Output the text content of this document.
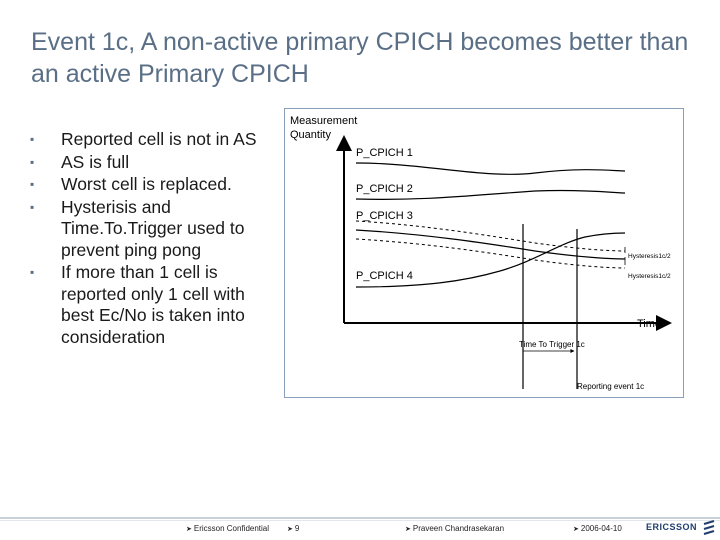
Event 1c, A non-active primary CPICH becomes better than an active Primary CPICH
▪ Reported cell is not in AS
▪ AS is full
▪ Worst cell is replaced.
▪ Hysterisis and Time.To.Trigger used to prevent ping pong
▪ If more than 1 cell is reported only 1 cell with best Ec/No is taken into consideration
Measurement
Quantity
Time
P_CPICH 1
P_CPICH 2
P_CPICH 3
P_CPICH 4
Hysteresis1c/2
Hysteresis1c/2
Time To Trigger 1c
Reporting event 1c
➤ Ericsson Confidential	➤ 9	➤ Praveen Chandrasekaran	➤ 2006-04-10	ERICSSON
